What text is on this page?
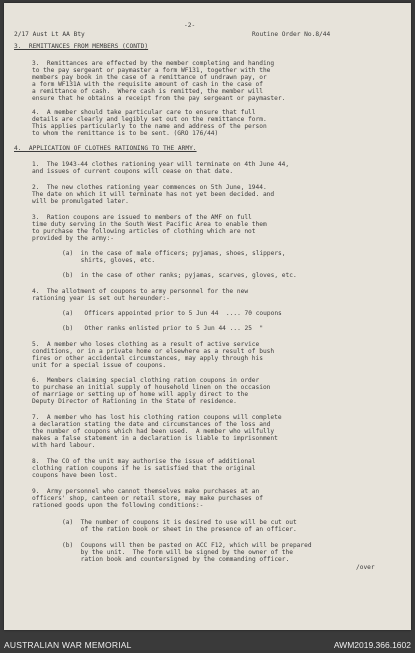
-2-

2/17 Aust Lt AA Bty

	Routine Order No.8/44

3.  REMITTANCES FROM MEMBERS (CONTD)

3.  Remittances are effected by the member completing and handing

to the pay sergeant or paymaster a form WF131, together with the

members pay book in the case of a remittance of undrawn pay, or

a form WF131A with the requisite amount of cash in the case of

a remittance of cash.  Where cash is remitted, the member will

ensure that he obtains a receipt from the pay sergeant or paymaster.

4.  A member should take particular care to ensure that full

details are clearly and legibly set out on the remittance form.

This applies particularly to the name and address of the person

to whom the remittance is to be sent. (GRO 176/44)

4.  APPLICATION OF CLOTHES RATIONING TO THE ARMY.

1.  The 1943-44 clothes rationing year will terminate on 4th June 44,

and issues of current coupons will cease on that date.

2.  The new clothes rationing year commences on 5th June, 1944.

The date on which it will terminate has not yet been decided. and

will be promulgated later.

3.  Ration coupons are issued to members of the AMF on full

time duty serving in the South West Pacific Area to enable them

to purchase the following articles of clothing which are not

provided by the army:-

(a)  in the case of male officers; pyjamas, shoes, slippers,

shirts, gloves, etc.

(b)  in the case of other ranks; pyjamas, scarves, gloves, etc.

4.  The allotment of coupons to army personnel for the new

rationing year is set out hereunder:-

(a)   Officers appointed prior to 5 Jun 44  .... 70 coupons

(b)   Other ranks enlisted prior to 5 Jun 44 ... 25  "

5.  A member who loses clothing as a result of active service

conditions, or in a private home or elsewhere as a result of bush

fires or other accidental circumstances, may apply through his

unit for a special issue of coupons.

6.  Members claiming special clothing ration coupons in order

to purchase an initial supply of household linen on the occasion

of marriage or setting up of home will apply direct to the

Deputy Director of Rationing in the State of residence.

7.  A member who has lost his clothing ration coupons will complete

a declaration stating the date and circumstances of the loss and

the number of coupons which had been used.  A member who wilfully

makes a false statement in a declaration is liable to imprisonment

with hard labour.

8.  The CO of the unit may authorise the issue of additional

clothing ration coupons if he is satisfied that the original

coupons have been lost.

9.  Army personnel who cannot themselves make purchases at an

officers' shop, canteen or retail store, may make purchases of

rationed goods upon the following conditions:-

(a)  The number of coupons it is desired to use will be cut out

of the ration book or sheet in the presence of an officer.

(b)  Coupons will then be pasted on ACC F12, which will be prepared

by the unit.  The form will be signed by the owner of the

ration book and countersigned by the commanding officer.

/over

AUSTRALIAN WAR MEMORIAL	AWM2019.366.1602
